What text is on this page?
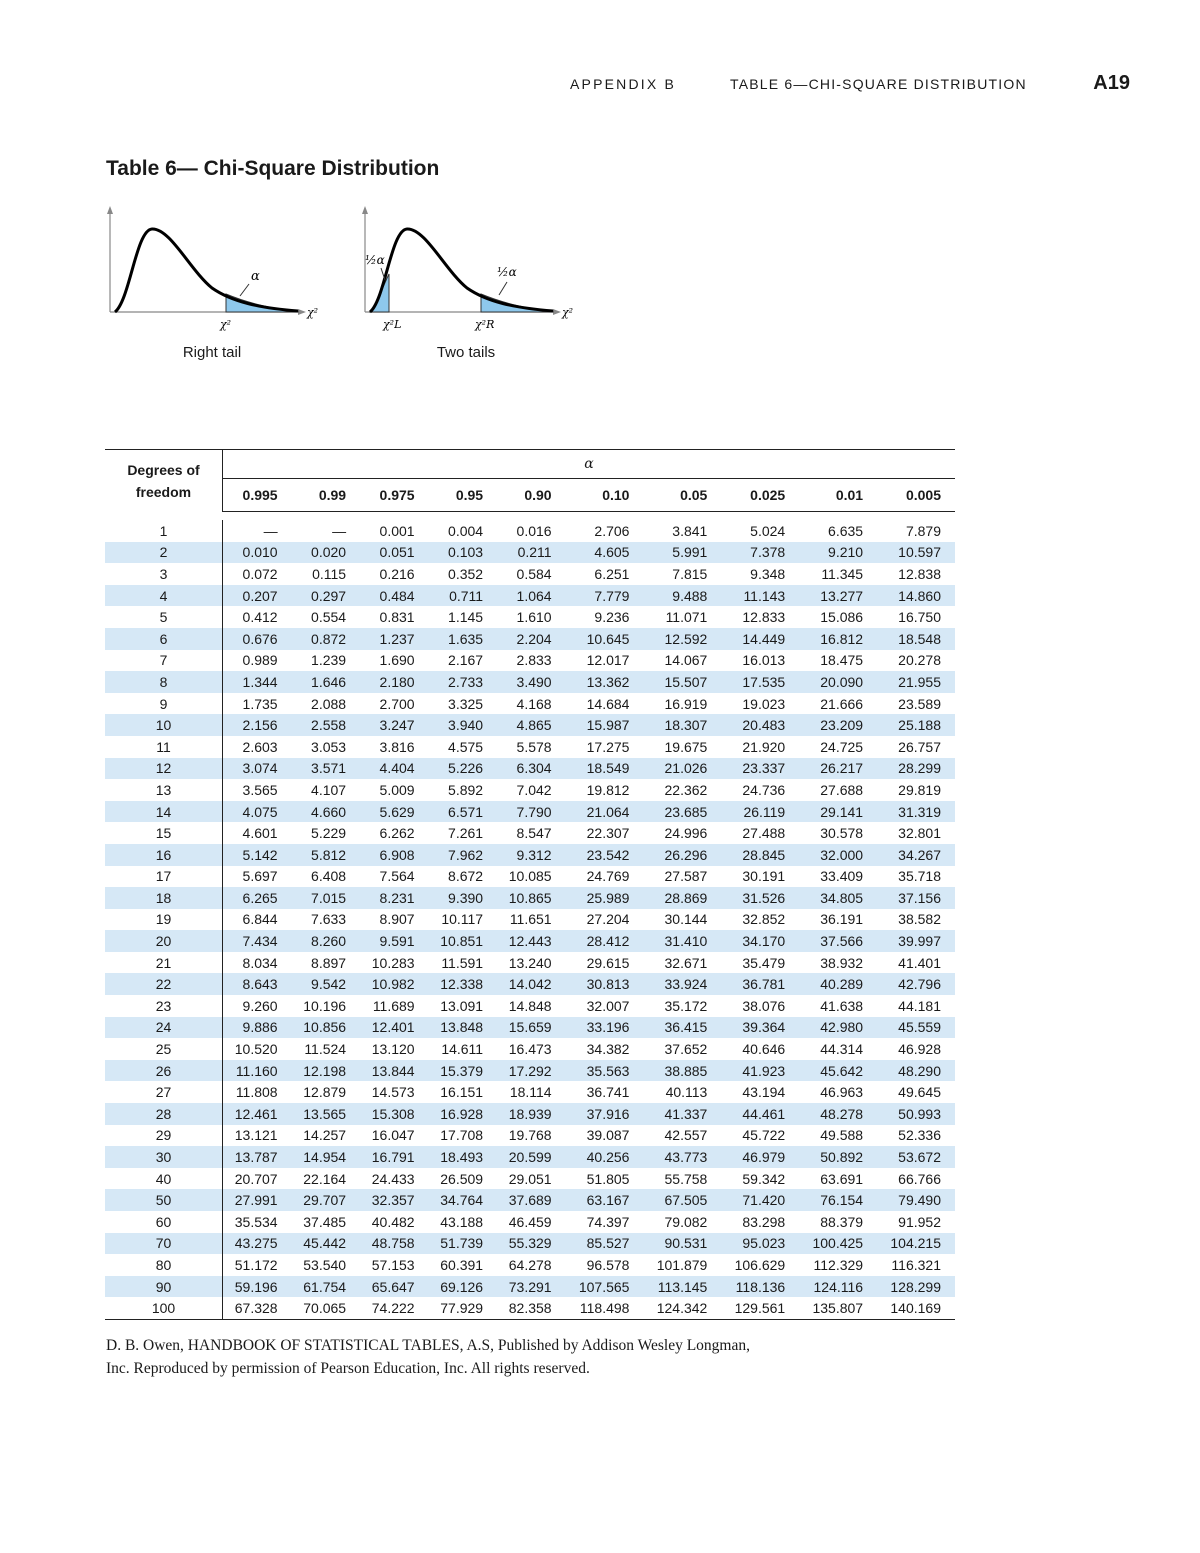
APPENDIX B	TABLE 6—CHI-SQUARE DISTRIBUTION	A19
Table 6— Chi-Square Distribution
α
χ²
χ²
Right tail
½α
½α
χ²L	χ²R
χ²
Two tails
Degrees of
freedom	α									
	0.995	0.99	0.975	0.95	0.90	0.10	0.05	0.025	0.01	0.005

1	—	—	0.001	0.004	0.016	2.706	3.841	5.024	6.635	7.879
2	0.010	0.020	0.051	0.103	0.211	4.605	5.991	7.378	9.210	10.597
3	0.072	0.115	0.216	0.352	0.584	6.251	7.815	9.348	11.345	12.838
4	0.207	0.297	0.484	0.711	1.064	7.779	9.488	11.143	13.277	14.860
5	0.412	0.554	0.831	1.145	1.610	9.236	11.071	12.833	15.086	16.750
6	0.676	0.872	1.237	1.635	2.204	10.645	12.592	14.449	16.812	18.548
7	0.989	1.239	1.690	2.167	2.833	12.017	14.067	16.013	18.475	20.278
8	1.344	1.646	2.180	2.733	3.490	13.362	15.507	17.535	20.090	21.955
9	1.735	2.088	2.700	3.325	4.168	14.684	16.919	19.023	21.666	23.589
10	2.156	2.558	3.247	3.940	4.865	15.987	18.307	20.483	23.209	25.188
11	2.603	3.053	3.816	4.575	5.578	17.275	19.675	21.920	24.725	26.757
12	3.074	3.571	4.404	5.226	6.304	18.549	21.026	23.337	26.217	28.299
13	3.565	4.107	5.009	5.892	7.042	19.812	22.362	24.736	27.688	29.819
14	4.075	4.660	5.629	6.571	7.790	21.064	23.685	26.119	29.141	31.319
15	4.601	5.229	6.262	7.261	8.547	22.307	24.996	27.488	30.578	32.801
16	5.142	5.812	6.908	7.962	9.312	23.542	26.296	28.845	32.000	34.267
17	5.697	6.408	7.564	8.672	10.085	24.769	27.587	30.191	33.409	35.718
18	6.265	7.015	8.231	9.390	10.865	25.989	28.869	31.526	34.805	37.156
19	6.844	7.633	8.907	10.117	11.651	27.204	30.144	32.852	36.191	38.582
20	7.434	8.260	9.591	10.851	12.443	28.412	31.410	34.170	37.566	39.997
21	8.034	8.897	10.283	11.591	13.240	29.615	32.671	35.479	38.932	41.401
22	8.643	9.542	10.982	12.338	14.042	30.813	33.924	36.781	40.289	42.796
23	9.260	10.196	11.689	13.091	14.848	32.007	35.172	38.076	41.638	44.181
24	9.886	10.856	12.401	13.848	15.659	33.196	36.415	39.364	42.980	45.559
25	10.520	11.524	13.120	14.611	16.473	34.382	37.652	40.646	44.314	46.928
26	11.160	12.198	13.844	15.379	17.292	35.563	38.885	41.923	45.642	48.290
27	11.808	12.879	14.573	16.151	18.114	36.741	40.113	43.194	46.963	49.645
28	12.461	13.565	15.308	16.928	18.939	37.916	41.337	44.461	48.278	50.993
29	13.121	14.257	16.047	17.708	19.768	39.087	42.557	45.722	49.588	52.336
30	13.787	14.954	16.791	18.493	20.599	40.256	43.773	46.979	50.892	53.672
40	20.707	22.164	24.433	26.509	29.051	51.805	55.758	59.342	63.691	66.766
50	27.991	29.707	32.357	34.764	37.689	63.167	67.505	71.420	76.154	79.490
60	35.534	37.485	40.482	43.188	46.459	74.397	79.082	83.298	88.379	91.952
70	43.275	45.442	48.758	51.739	55.329	85.527	90.531	95.023	100.425	104.215
80	51.172	53.540	57.153	60.391	64.278	96.578	101.879	106.629	112.329	116.321
90	59.196	61.754	65.647	69.126	73.291	107.565	113.145	118.136	124.116	128.299
100	67.328	70.065	74.222	77.929	82.358	118.498	124.342	129.561	135.807	140.169
D. B. Owen, HANDBOOK OF STATISTICAL TABLES, A.S, Published by Addison Wesley Longman,
Inc. Reproduced by permission of Pearson Education, Inc. All rights reserved.
